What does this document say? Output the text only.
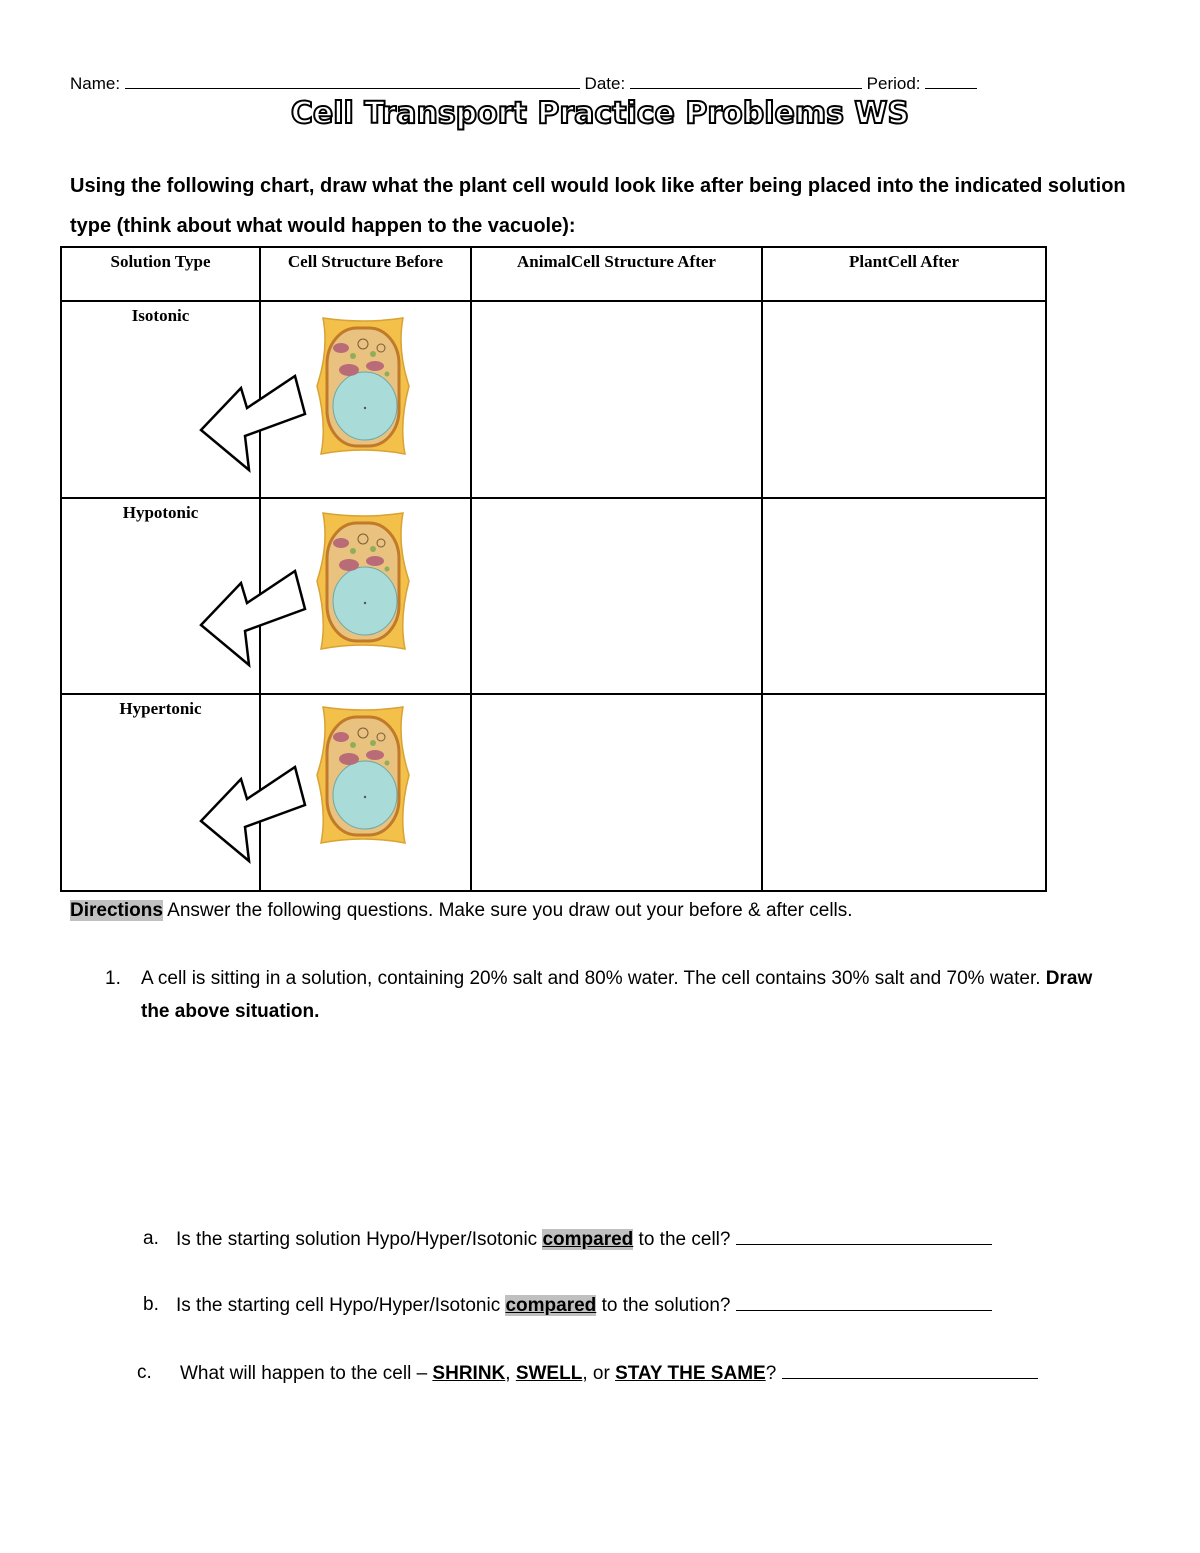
Name:	Date:	Period:
Cell Transport Practice Problems WS
Using the following chart, draw what the plant cell would look like after being placed into the indicated solution type (think about what would happen to the vacuole):
Solution Type	Cell Structure Before	AnimalCell Structure After	PlantCell After

Isotonic

Hypotonic

Hypertonic

Directions Answer the following questions. Make sure you draw out your before & after cells.
1. A cell is sitting in a solution, containing 20% salt and 80% water. The cell contains 30% salt and 70% water. Draw the above situation.
a. Is the starting solution Hypo/Hyper/Isotonic compared to the cell?
b. Is the starting cell Hypo/Hyper/Isotonic compared to the solution?
c. What will happen to the cell – SHRINK, SWELL, or STAY THE SAME?
